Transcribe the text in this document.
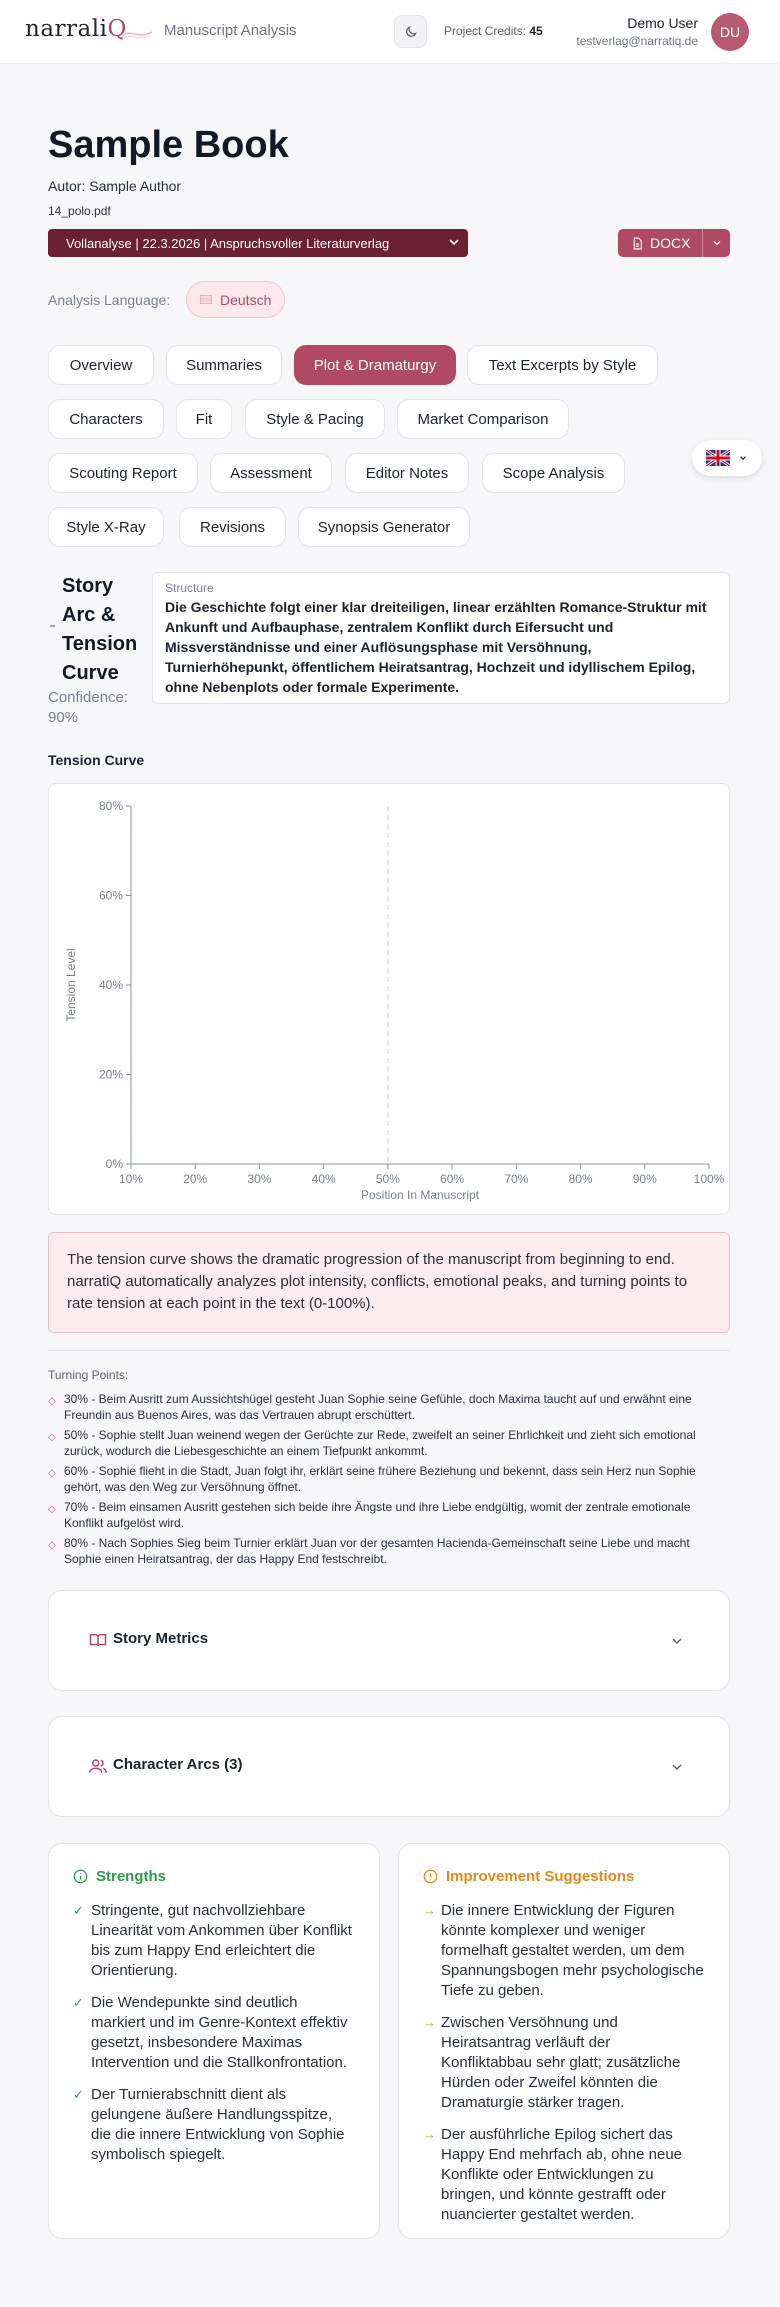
narraliQ Manuscript Analysis	Project Credits: 45	Demo User
testverlag@narratiq.de
DU
Sample Book
Autor: Sample Author
14_polo.pdf
Vollanalyse | 22.3.2026 | Anspruchsvoller Literaturverlag	DOCX
Analysis Language:	Deutsch
Overview	Summaries	Plot & Dramaturgy	Text Excerpts by Style
Characters	Fit	Style & Pacing	Market Comparison
Scouting Report	Assessment	Editor Notes	Scope Analysis
Style X-Ray	Revisions	Synopsis Generator
Story Arc & Tension Curve
Confidence: 90%
Structure
Die Geschichte folgt einer klar dreiteiligen, linear erzählten Romance-Struktur mit Ankunft und Aufbauphase, zentralem Konflikt durch Eifersucht und Missverständnisse und einer Auflösungsphase mit Versöhnung, Turnierhöhepunkt, öffentlichem Heiratsantrag, Hochzeit und idyllischem Epilog, ohne Nebenplots oder formale Experimente.
Tension Curve
0%
20%
40%
60%
80%
10%	20%	30%	40%	50%	60%	70%	80%	90%	100%
Tension Level
Position In Manuscript
The tension curve shows the dramatic progression of the manuscript from beginning to end. narratiQ automatically analyzes plot intensity, conflicts, emotional peaks, and turning points to rate tension at each point in the text (0-100%).
Turning Points:
◇ 30% - Beim Ausritt zum Aussichtshügel gesteht Juan Sophie seine Gefühle, doch Maxima taucht auf und erwähnt eine Freundin aus Buenos Aires, was das Vertrauen abrupt erschüttert.
◇ 50% - Sophie stellt Juan weinend wegen der Gerüchte zur Rede, zweifelt an seiner Ehrlichkeit und zieht sich emotional zurück, wodurch die Liebesgeschichte an einem Tiefpunkt ankommt.
◇ 60% - Sophie flieht in die Stadt, Juan folgt ihr, erklärt seine frühere Beziehung und bekennt, dass sein Herz nun Sophie gehört, was den Weg zur Versöhnung öffnet.
◇ 70% - Beim einsamen Ausritt gestehen sich beide ihre Ängste und ihre Liebe endgültig, womit der zentrale emotionale Konflikt aufgelöst wird.
◇ 80% - Nach Sophies Sieg beim Turnier erklärt Juan vor der gesamten Hacienda-Gemeinschaft seine Liebe und macht Sophie einen Heiratsantrag, der das Happy End festschreibt.
Story Metrics
Character Arcs (3)
Strengths
✓ Stringente, gut nachvollziehbare Linearität vom Ankommen über Konflikt bis zum Happy End erleichtert die Orientierung.
✓ Die Wendepunkte sind deutlich markiert und im Genre-Kontext effektiv gesetzt, insbesondere Maximas Intervention und die Stallkonfrontation.
✓ Der Turnierabschnitt dient als gelungene äußere Handlungsspitze, die die innere Entwicklung von Sophie symbolisch spiegelt.
Improvement Suggestions
→ Die innere Entwicklung der Figuren könnte komplexer und weniger formelhaft gestaltet werden, um dem Spannungsbogen mehr psychologische Tiefe zu geben.
→ Zwischen Versöhnung und Heiratsantrag verläuft der Konfliktabbau sehr glatt; zusätzliche Hürden oder Zweifel könnten die Dramaturgie stärker tragen.
→ Der ausführliche Epilog sichert das Happy End mehrfach ab, ohne neue Konflikte oder Entwicklungen zu bringen, und könnte gestrafft oder nuancierter gestaltet werden.
